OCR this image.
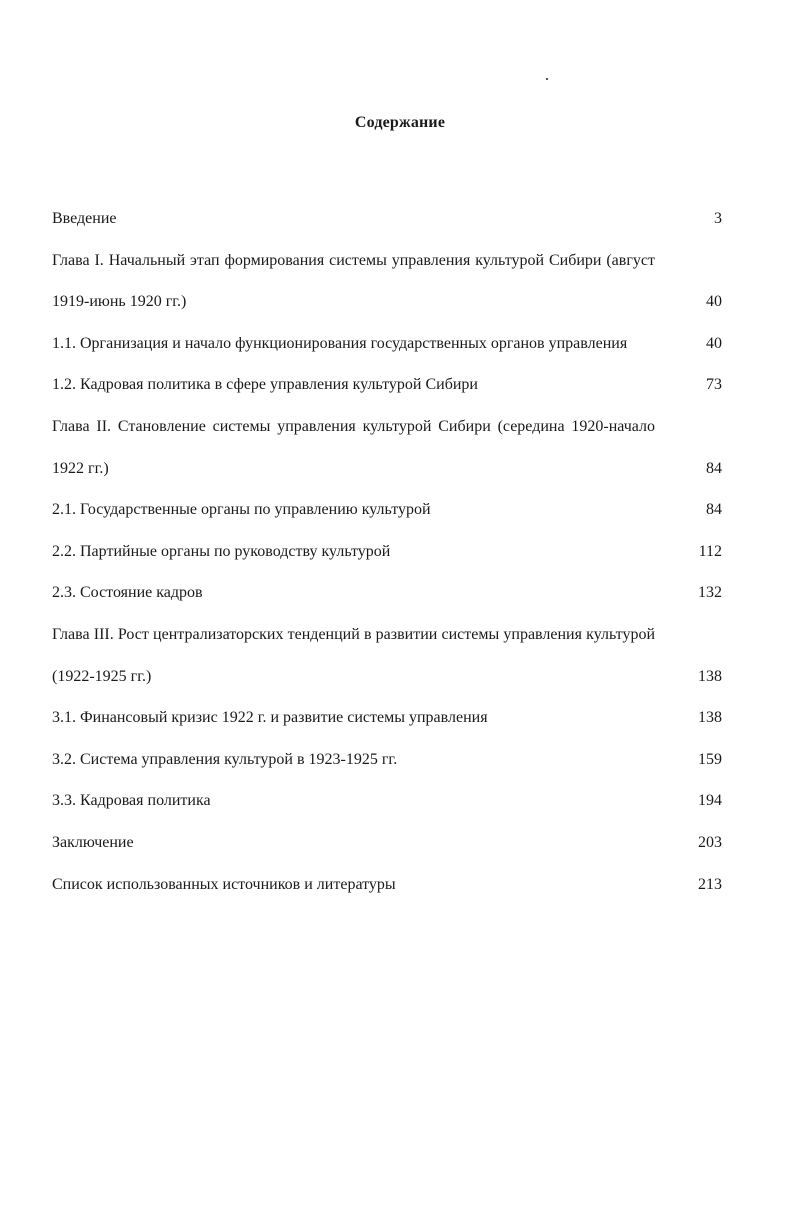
Содержание
Введение	3
Глава I. Начальный этап формирования системы управления культурой Сибири (август 1919-июнь 1920 гг.)	40
1.1. Организация и начало функционирования государственных органов управления	40
1.2. Кадровая политика в сфере управления культурой Сибири	73
Глава II. Становление системы управления культурой Сибири (середина 1920-начало 1922 гг.)	84
2.1. Государственные органы по управлению культурой	84
2.2. Партийные органы по руководству культурой	112
2.3. Состояние кадров	132
Глава III. Рост централизаторских тенденций в развитии системы управления культурой (1922-1925 гг.)	138
3.1. Финансовый кризис 1922 г. и развитие системы управления	138
3.2. Система управления культурой в 1923-1925 гг.	159
3.3. Кадровая политика	194
Заключение	203
Список использованных источников и литературы	213
